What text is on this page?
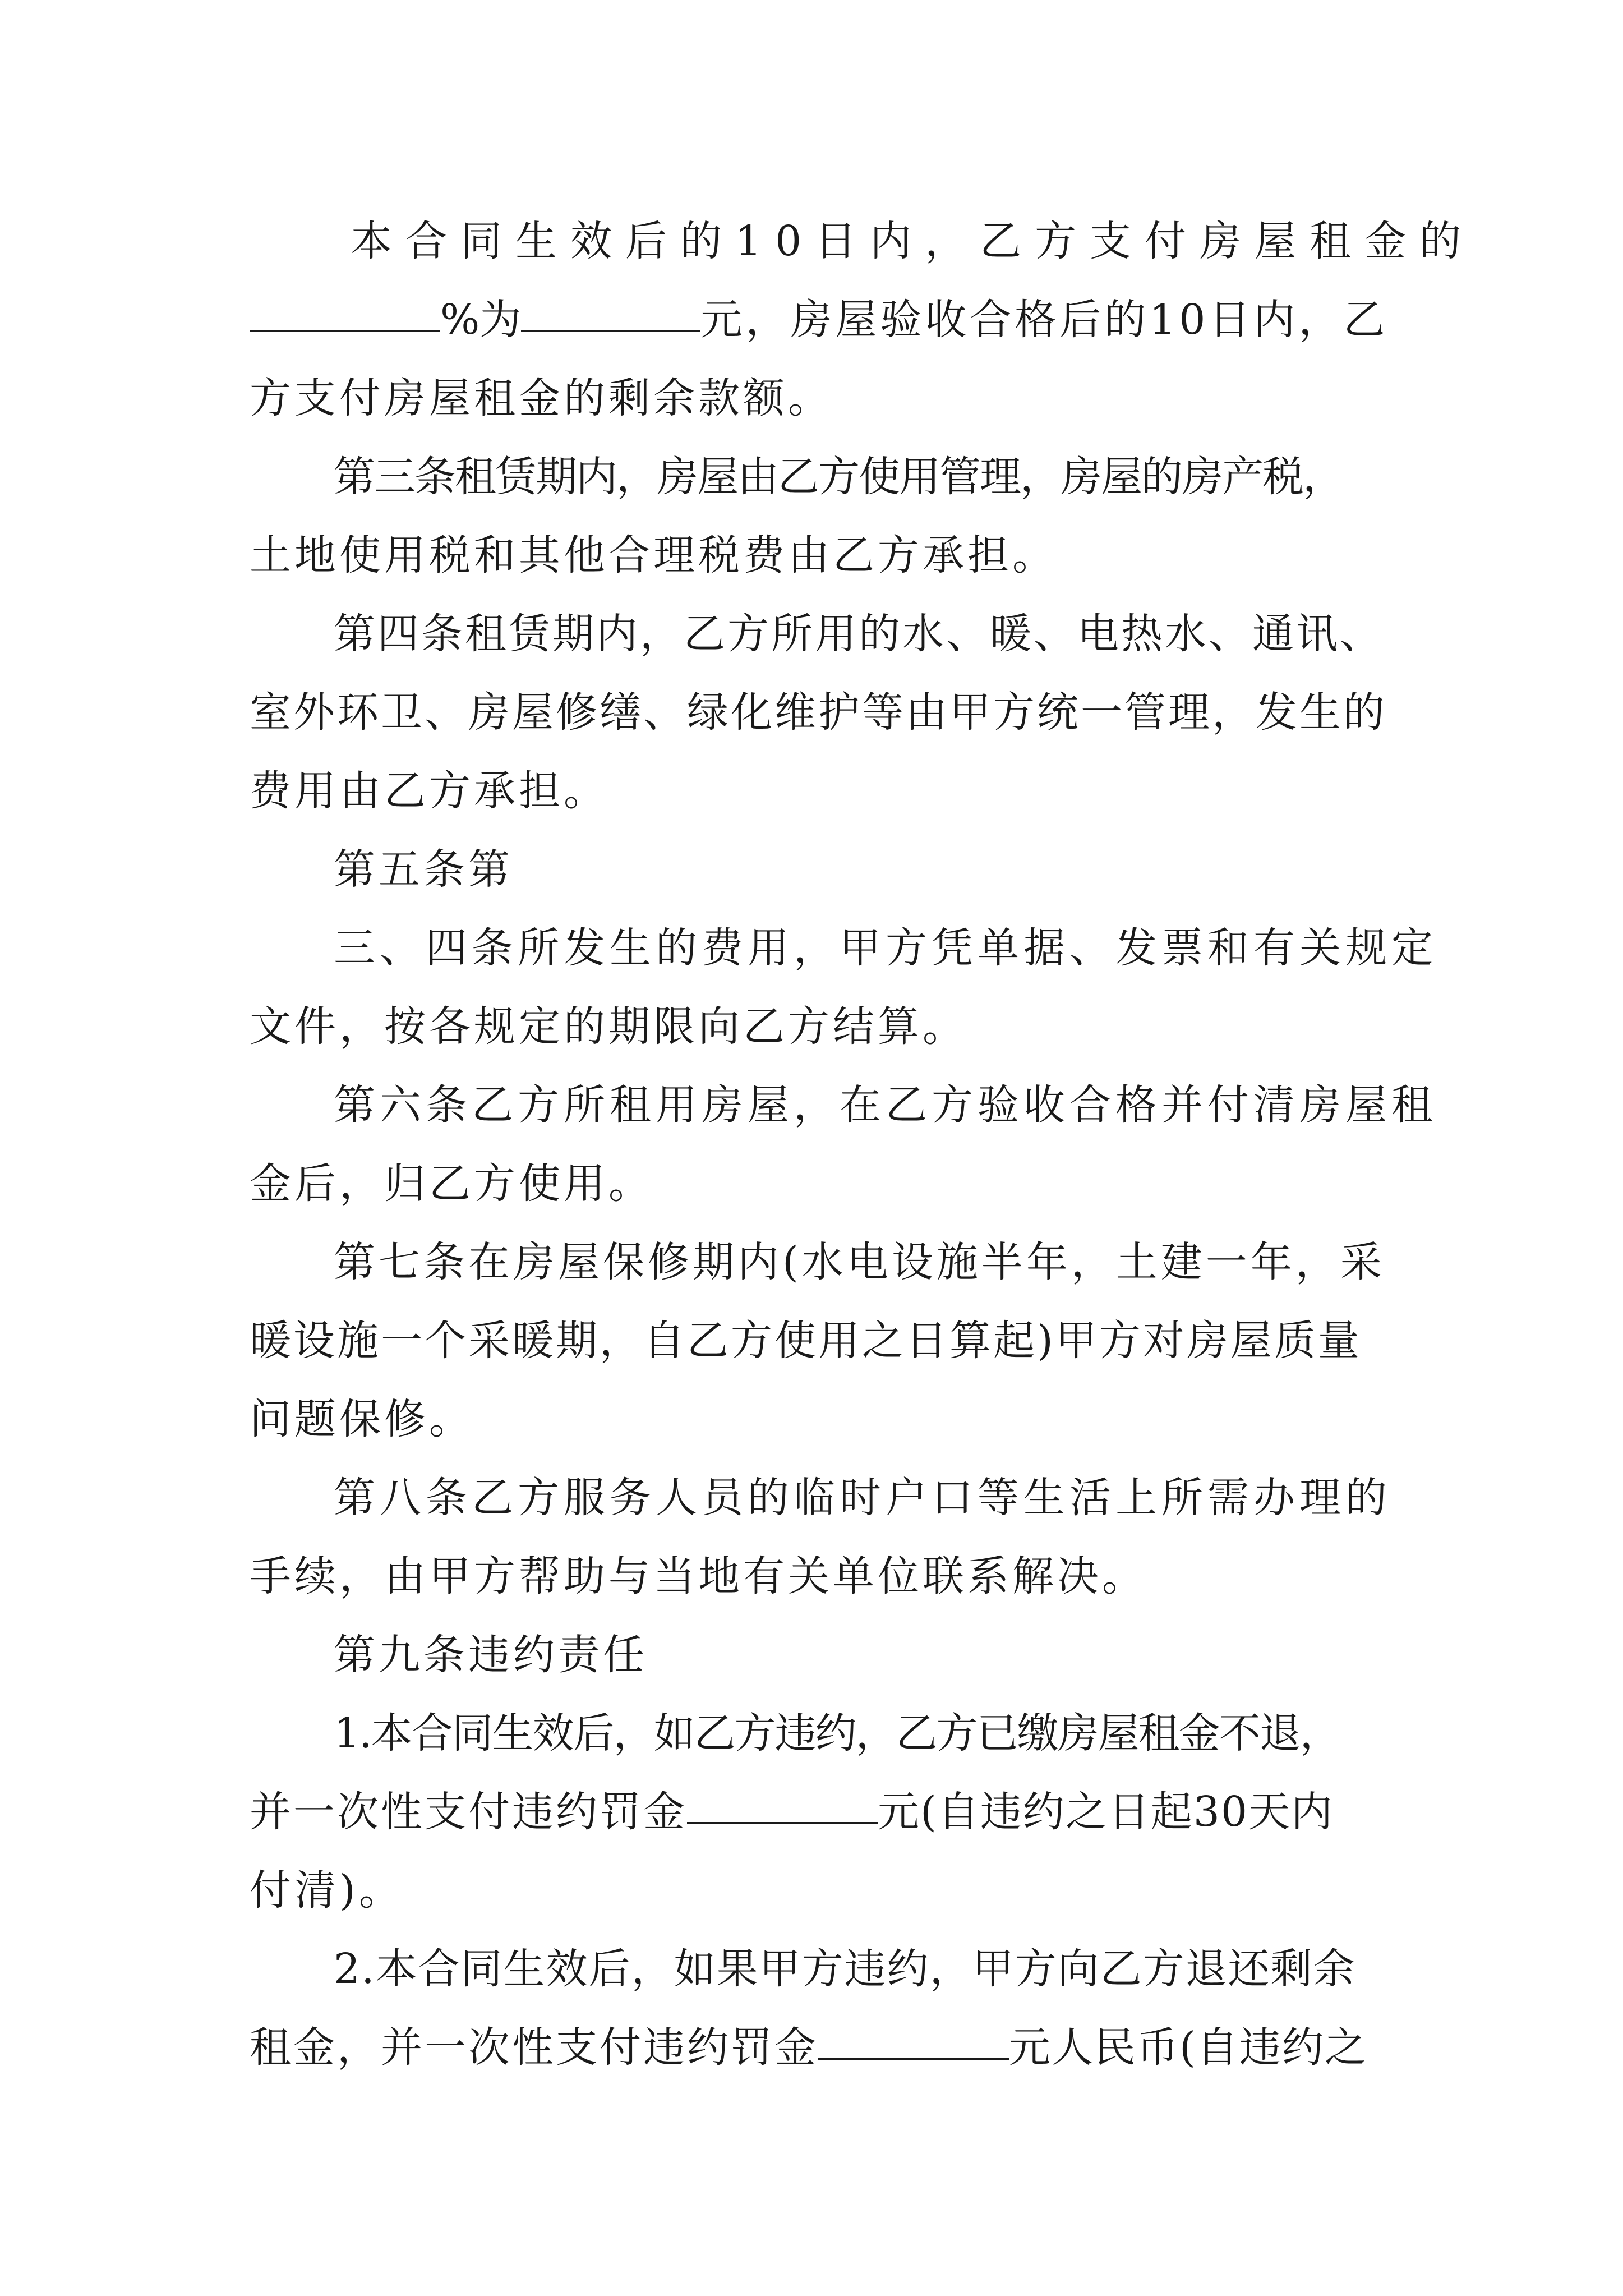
本合同生效后的10日内，乙方支付房屋租金的
%为	元，房屋验收合格后的10日内，乙
方支付房屋租金的剩余款额。
第三条租赁期内，房屋由乙方使用管理，房屋的房产税，
土地使用税和其他合理税费由乙方承担。
第四条租赁期内，乙方所用的水、暖、电热水、通讯、
室外环卫、房屋修缮、绿化维护等由甲方统一管理，发生的
费用由乙方承担。
第五条第
三、四条所发生的费用，甲方凭单据、发票和有关规定
文件，按各规定的期限向乙方结算。
第六条乙方所租用房屋，在乙方验收合格并付清房屋租
金后，归乙方使用。
第七条在房屋保修期内(水电设施半年，土建一年，采
暖设施一个采暖期，自乙方使用之日算起)甲方对房屋质量
问题保修。
第八条乙方服务人员的临时户口等生活上所需办理的
手续，由甲方帮助与当地有关单位联系解决。
第九条违约责任
1.本合同生效后，如乙方违约，乙方已缴房屋租金不退，
并一次性支付违约罚金	元(自违约之日起30天内
付清)。
2.本合同生效后，如果甲方违约，甲方向乙方退还剩余
租金，并一次性支付违约罚金	元人民币(自违约之
